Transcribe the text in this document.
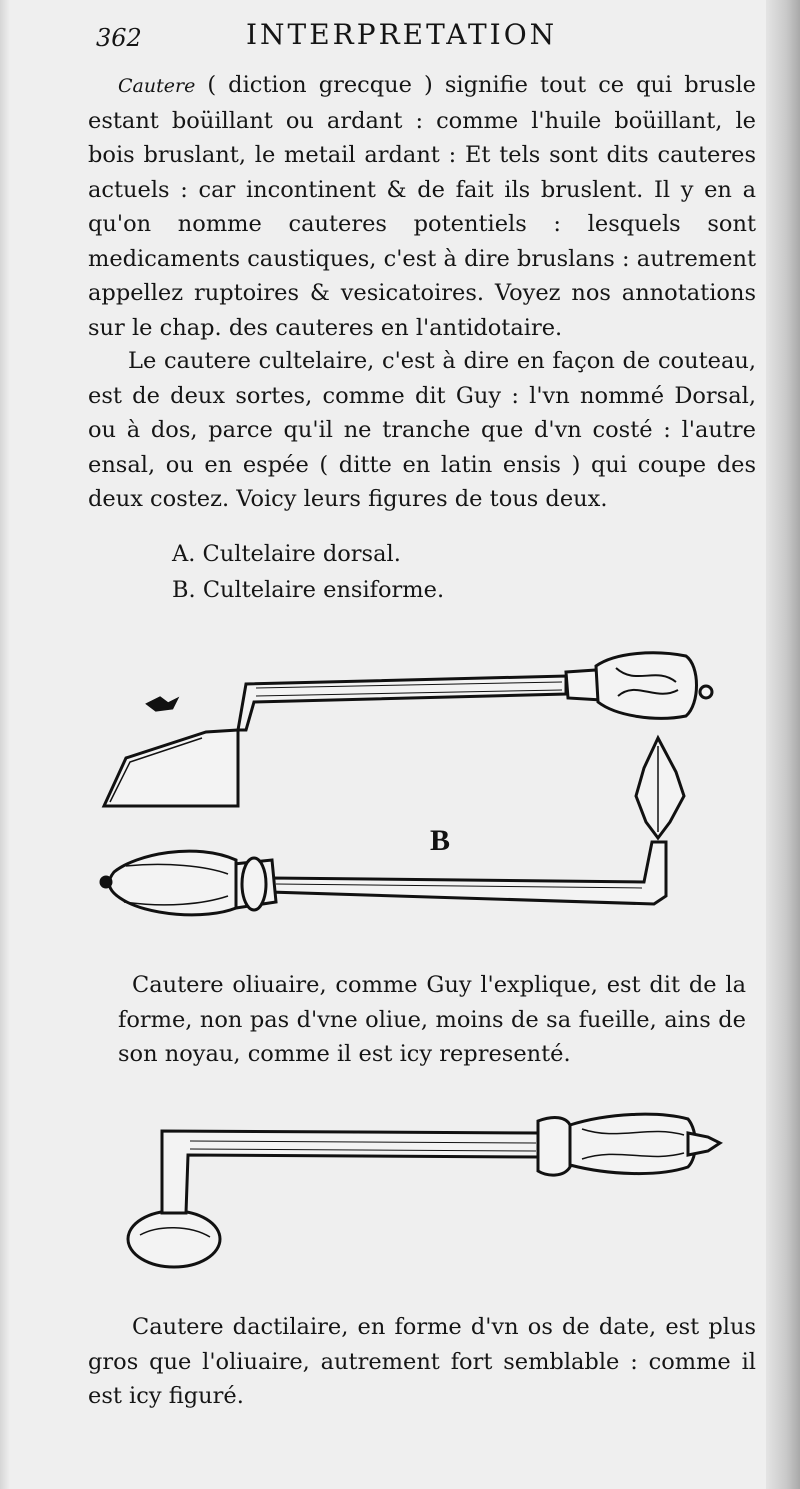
362	INTERPRETATION

Cautere ( diction grecque ) signifie tout ce qui brusle estant boüillant ou ardant : comme l'huile boüillant, le bois bruslant, le metail ardant : Et tels sont dits cauteres actuels : car incontinent & de fait ils bruslent. Il y en a qu'on nomme cauteres potentiels : lesquels sont medicaments caustiques, c'est à dire bruslans : autrement appellez ruptoires & vesicatoires. Voyez nos annotations sur le chap. des cauteres en l'antidotaire.

Le cautere cultelaire, c'est à dire en façon de couteau, est de deux sortes, comme dit Guy : l'vn nommé Dorsal, ou à dos, parce qu'il ne tranche que d'vn costé : l'autre ensal, ou en espée ( ditte en latin ensis ) qui coupe des deux costez. Voicy leurs figures de tous deux.

A. Cultelaire dorsal.
B. Cultelaire ensiforme.
B

Cautere oliuaire, comme Guy l'explique, est dit de la forme, non pas d'vne oliue, moins de sa fueille, ains de son noyau, comme il est icy representé.

Cautere dactilaire, en forme d'vn os de date, est plus gros que l'oliuaire, autrement fort semblable : comme il est icy figuré.
